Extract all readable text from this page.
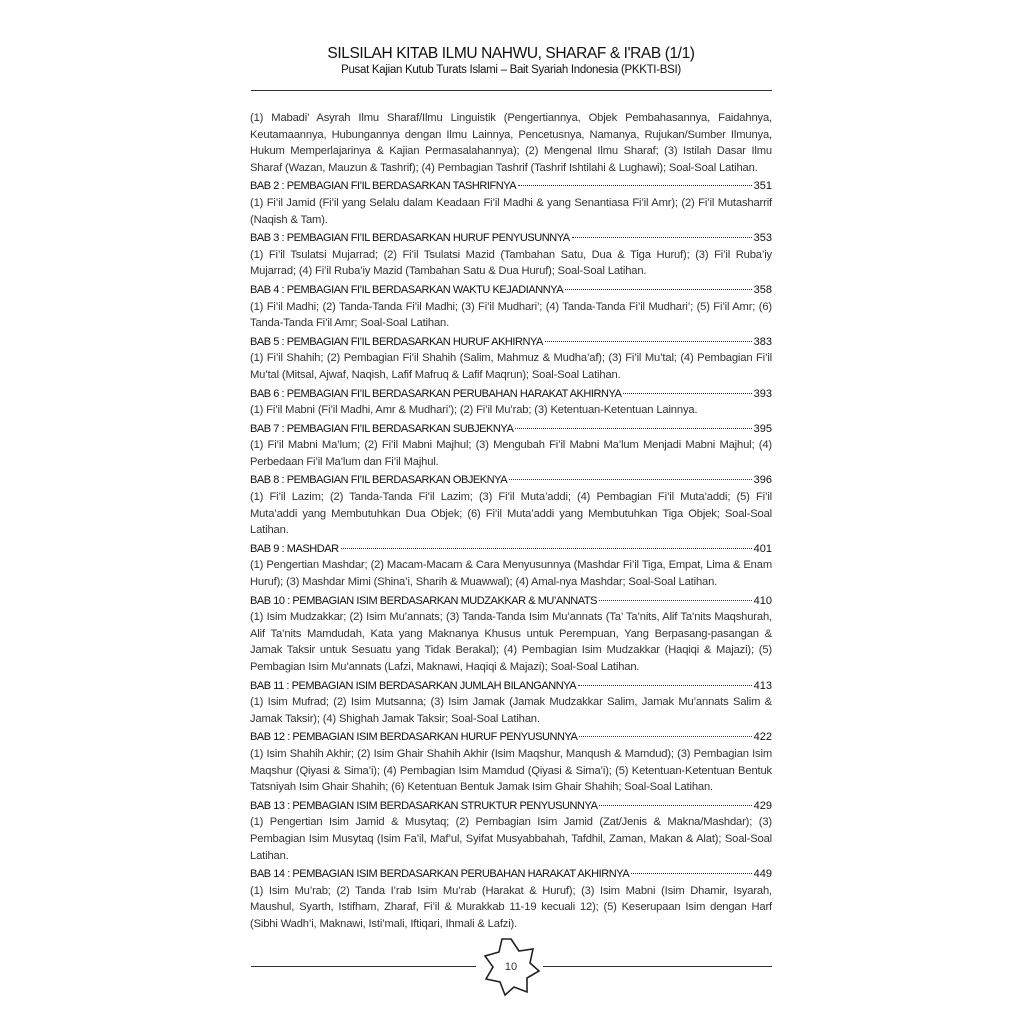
SILSILAH KITAB ILMU NAHWU, SHARAF & I'RAB (1/1)
Pusat Kajian Kutub Turats Islami – Bait Syariah Indonesia (PKKTI-BSI)

(1) Mabadi’ Asyrah Ilmu Sharaf/Ilmu Linguistik (Pengertiannya, Objek Pembahasannya, Faidahnya, Keutamaannya, Hubungannya dengan Ilmu Lainnya, Pencetusnya, Namanya, Rujukan/Sumber Ilmunya, Hukum Memperlajarinya & Kajian Permasalahannya); (2) Mengenal Ilmu Sharaf; (3) Istilah Dasar Ilmu Sharaf (Wazan, Mauzun & Tashrif); (4) Pembagian Tashrif (Tashrif Ishtilahi & Lughawi); Soal-Soal Latihan.

BAB 2 : PEMBAGIAN FI’IL BERDASARKAN TASHRIFNYA	351

(1) Fi’il Jamid (Fi’il yang Selalu dalam Keadaan Fi’il Madhi & yang Senantiasa Fi’il Amr); (2) Fi’il Mutasharrif (Naqish & Tam).

BAB 3 : PEMBAGIAN FI’IL BERDASARKAN HURUF PENYUSUNNYA	353

(1) Fi’il Tsulatsi Mujarrad; (2) Fi’il Tsulatsi Mazid (Tambahan Satu, Dua & Tiga Huruf); (3) Fi’il Ruba’iy Mujarrad; (4) Fi’il Ruba’iy Mazid (Tambahan Satu & Dua Huruf); Soal-Soal Latihan.

BAB 4 : PEMBAGIAN FI’IL BERDASARKAN WAKTU KEJADIANNYA	358

(1) Fi’il Madhi; (2) Tanda-Tanda Fi’il Madhi; (3) Fi’il Mudhari’; (4) Tanda-Tanda Fi’il Mudhari’; (5) Fi’il Amr; (6) Tanda-Tanda Fi’il Amr; Soal-Soal Latihan.

BAB 5 : PEMBAGIAN FI’IL BERDASARKAN HURUF AKHIRNYA	383

(1) Fi’il Shahih; (2) Pembagian Fi’il Shahih (Salim, Mahmuz & Mudha’af); (3) Fi’il Mu’tal; (4) Pembagian Fi’il Mu’tal (Mitsal, Ajwaf, Naqish, Lafif Mafruq & Lafif Maqrun); Soal-Soal Latihan.

BAB 6 : PEMBAGIAN FI’IL BERDASARKAN PERUBAHAN HARAKAT AKHIRNYA	393

(1) Fi’il Mabni (Fi’il Madhi, Amr & Mudhari’); (2) Fi’il Mu’rab; (3) Ketentuan-Ketentuan Lainnya.

BAB 7 : PEMBAGIAN FI’IL BERDASARKAN SUBJEKNYA	395

(1) Fi’il Mabni Ma’lum; (2) Fi’il Mabni Majhul; (3) Mengubah Fi’il Mabni Ma’lum Menjadi Mabni Majhul; (4) Perbedaan Fi’il Ma’lum dan Fi’il Majhul.

BAB 8 : PEMBAGIAN FI’IL BERDASARKAN OBJEKNYA	396

(1) Fi’il Lazim; (2) Tanda-Tanda Fi’il Lazim; (3) Fi’il Muta’addi; (4) Pembagian Fi’il Muta’addi; (5) Fi’il Muta’addi yang Membutuhkan Dua Objek; (6) Fi’il Muta’addi yang Membutuhkan Tiga Objek; Soal-Soal Latihan.

BAB 9 : MASHDAR	401

(1) Pengertian Mashdar; (2) Macam-Macam & Cara Menyusunnya (Mashdar Fi’il Tiga, Empat, Lima & Enam Huruf); (3) Mashdar Mimi (Shina’i, Sharih & Muawwal); (4) Amal-nya Mashdar; Soal-Soal Latihan.

BAB 10 : PEMBAGIAN ISIM BERDASARKAN MUDZAKKAR & MU’ANNATS	410

(1) Isim Mudzakkar; (2) Isim Mu’annats; (3) Tanda-Tanda Isim Mu’annats (Ta’ Ta’nits, Alif Ta’nits Maqshurah, Alif Ta’nits Mamdudah, Kata yang Maknanya Khusus untuk Perempuan, Yang Berpasang-pasangan & Jamak Taksir untuk Sesuatu yang Tidak Berakal); (4) Pembagian Isim Mudzakkar (Haqiqi & Majazi); (5) Pembagian Isim Mu’annats (Lafzi, Maknawi, Haqiqi & Majazi); Soal-Soal Latihan.

BAB 11 : PEMBAGIAN ISIM BERDASARKAN JUMLAH BILANGANNYA	413

(1) Isim Mufrad; (2) Isim Mutsanna; (3) Isim Jamak (Jamak Mudzakkar Salim, Jamak Mu’annats Salim & Jamak Taksir); (4) Shighah Jamak Taksir; Soal-Soal Latihan.

BAB 12 : PEMBAGIAN ISIM BERDASARKAN HURUF PENYUSUNNYA	422

(1) Isim Shahih Akhir; (2) Isim Ghair Shahih Akhir (Isim Maqshur, Manqush & Mamdud); (3) Pembagian Isim Maqshur (Qiyasi & Sima’i); (4) Pembagian Isim Mamdud (Qiyasi & Sima’i); (5) Ketentuan-Ketentuan Bentuk Tatsniyah Isim Ghair Shahih; (6) Ketentuan Bentuk Jamak Isim Ghair Shahih; Soal-Soal Latihan.

BAB 13 : PEMBAGIAN ISIM BERDASARKAN STRUKTUR PENYUSUNNYA	429

(1) Pengertian Isim Jamid & Musytaq; (2) Pembagian Isim Jamid (Zat/Jenis & Makna/Mashdar); (3) Pembagian Isim Musytaq (Isim Fa’il, Maf’ul, Syifat Musyabbahah, Tafdhil, Zaman, Makan & Alat); Soal-Soal Latihan.

BAB 14 : PEMBAGIAN ISIM BERDASARKAN PERUBAHAN HARAKAT AKHIRNYA	449

(1) Isim Mu’rab; (2) Tanda I’rab Isim Mu’rab (Harakat & Huruf); (3) Isim Mabni (Isim Dhamir, Isyarah, Maushul, Syarth, Istifham, Zharaf, Fi’il & Murakkab 11-19 kecuali 12); (5) Keserupaan Isim dengan Harf (Sibhi Wadh’i, Maknawi, Isti’mali, Iftiqari, Ihmali & Lafzi).

10
